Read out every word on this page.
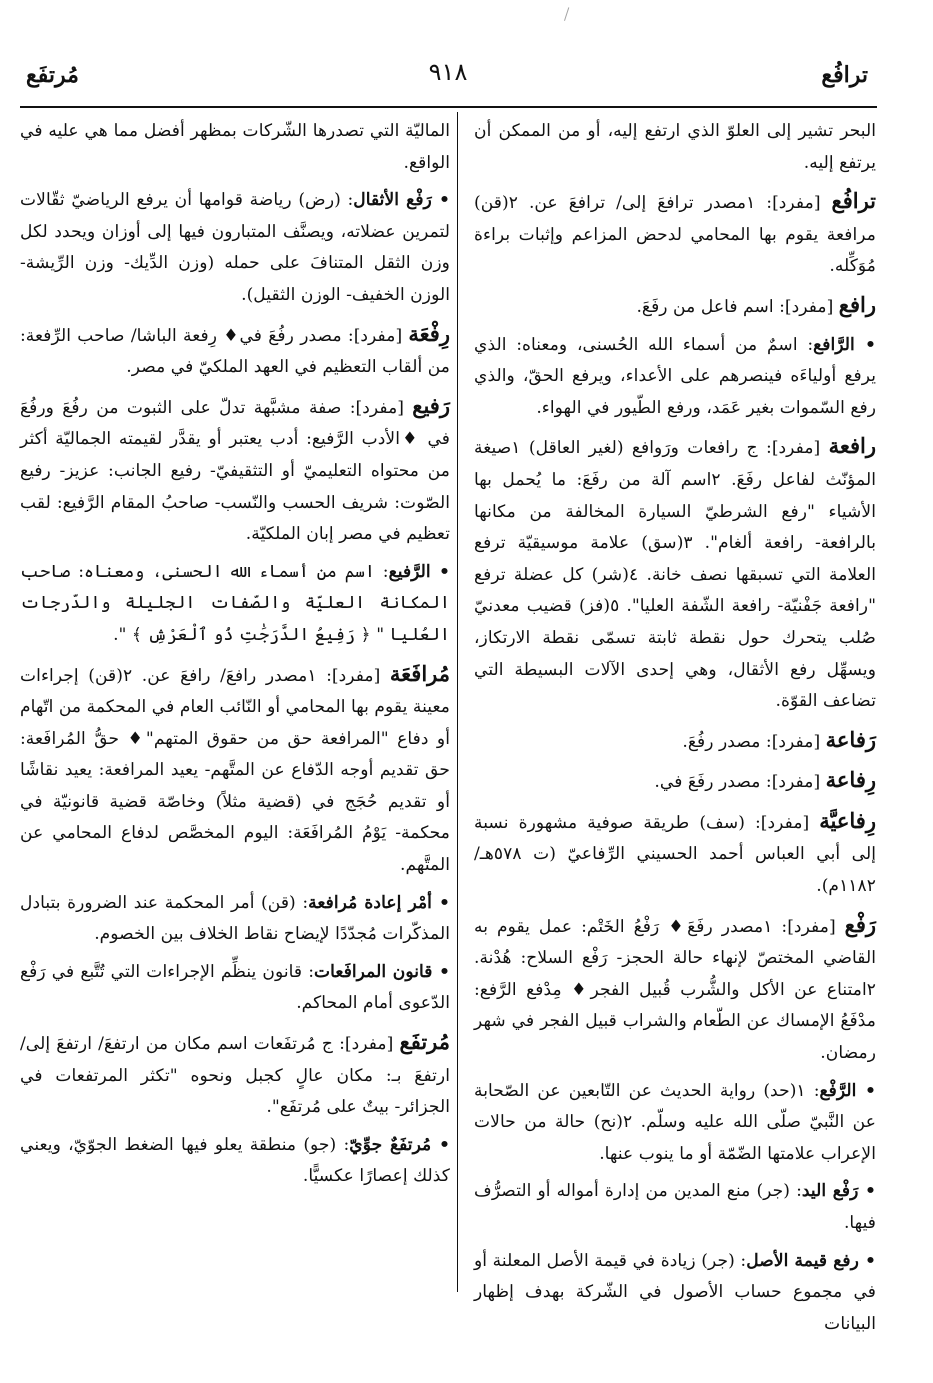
ترافُع
٩١٨
مُرتفَع

البحر تشير إلى العلوّ الذي ارتفع إليه، أو من الممكن أن يرتفع إليه.

ترافُع [مفرد]: ١مصدر ترافعَ إلى/ ترافعَ عن. ٢(قن) مرافعة يقوم بها المحامي لدحض المزاعم وإثبات براءة مُوَكِّله.

رافع [مفرد]: اسم فاعل من رفَعَ.

• الرَّافع: اسمٌ من أسماء الله الحُسنى، ومعناه: الذي يرفع أولياءَه فينصرهم على الأعداء، ويرفع الحقّ، والذي رفع السّموات بغير عَمَد، ورفع الطّيور في الهواء.

رافعة [مفرد]: ج رافعات ورَوافع (لغير العاقل) ١صيغة المؤنّث لفاعل رفَعَ. ٢اسم آلة من رفَعَ: ما يُحمل بها الأشياء "رفع الشرطيّ السيارة المخالفة من مكانها بالرافعة- رافعة ألغام". ٣(سق) علامة موسيقيّة ترفع العلامة التي تسبقها نصف خانة. ٤(شر) كل عضلة ترفع "رافعة جَفْنيّة- رافعة الشّفة العليا". ٥(فز) قضيب معدنيّ صُلب يتحرك حول نقطة ثابتة تسمّى نقطة الارتكاز، ويسهِّل رفع الأثقال، وهي إحدى الآلات البسيطة التي تضاعف القوّة.

رَفاعة [مفرد]: مصدر رفُعَ.

رِفاعة [مفرد]: مصدر رفَعَ في.

رِفاعيَّة [مفرد]: (سف) طريقة صوفية مشهورة نسبة إلى أبي العباس أحمد الحسيني الرِّفاعيّ (ت ٥٧٨هـ/ ١١٨٢م).

رَفْع [مفرد]: ١مصدر رفَعَ♦ رَفْعُ الخَتْم: عمل يقوم به القاضي المختصّ لإنهاء حالة الحجز- رَفْع السلاح: هُدْنة. ٢امتناع عن الأكل والشُّرب قُبيل الفجر♦ مِدْفع الرَّفع: مدْفَعُ الإمساك عن الطّعام والشراب قبيل الفجر في شهر رمضان.

• الرَّفْع: ١(حد) رواية الحديث عن التّابعين عن الصّحابة عن النَّبيّ صلّى الله عليه وسلّم. ٢(نح) حالة من حالات الإعراب علامتها الضّمّة أو ما ينوب عنها.

• رَفْع اليد: (جر) منع المدين من إدارة أمواله أو التصرُّف فيها.

• رفع قيمة الأصل: (جر) زيادة في قيمة الأصل المعلنة أو في مجموع حساب الأصول في الشّركة بهدف إظهار البيانات

الماليّة التي تصدرها الشّركات بمظهر أفضل مما هي عليه في الواقع.

• رَفْع الأثقال: (رض) رياضة قوامها أن يرفع الرياضيّ ثقّالات لتمرين عضلاته، ويصنَّف المتبارون فيها إلى أوزان ويحدد لكل وزن الثقل المتنافَ على حمله (وزن الدِّيك- وزن الرِّيشة- الوزن الخفيف- الوزن الثقيل).

رِفْعَة [مفرد]: مصدر رفُعَ في♦ رِفعة الباشا/ صاحب الرِّفعة: من ألقاب التعظيم في العهد الملكيّ في مصر.

رَفيع [مفرد]: صفة مشبَّهة تدلّ على الثبوت من رفُعَ ورفُعَ في ♦الأدب الرَّفيع: أدب يعتبر أو يقدَّر لقيمته الجماليّة أكثر من محتواه التعليميّ أو التثقيفيّ- رفيع الجانب: عزيز- رفيع الصّوت: شريف الحسب والنّسب- صاحبُ المقام الرَّفيع: لقب تعظيم في مصر إبان الملكيّة.

• الرَّفيع: اسم من أسماء الله الحسنى، ومعناه: صاحب المكانة العليّة والصّفات الجليلة والدّرجات العُليا " ﴿ رَفِيعُ الدَّرَجَٰتِ ذُو ٱلْعَرْشِ ﴾ ".

مُرافَعَة [مفرد]: ١مصدر رافعَ/ رافعَ عن. ٢(قن) إجراءات معينة يقوم بها المحامي أو النّائب العام في المحكمة من اتّهام أو دفاع "المرافعة حق من حقوق المتهم"♦ حقُّ المُرافَعة: حق تقديم أوجه الدّفاع عن المتَّهم- يعيد المرافعة: يعيد نقاشًا أو تقديم حُجَج في (قضية مثلاً) وخاصّة قضية قانونيّة في محكمة- يَوْمُ المُرافَعَة: اليوم المخصَّص لدفاع المحامي عن المتَّهم.

• أمْر إعادة مُرافعة: (قن) أمر المحكمة عند الضرورة بتبادل المذكّرات مُجدّدًا لإيضاح نقاط الخلاف بين الخصوم.

• قانون المرافَعات: قانون ينظِّم الإجراءات التي تُتَّبع في رَفْع الدّعوى أمام المحاكم.

مُرتفَع [مفرد]: ج مُرتفَعات اسم مكان من ارتفعَ/ ارتفعَ إلى/ ارتفعَ بـ: مكان عالٍ كجبل ونحوه "تكثر المرتفعات في الجزائر- بيتٌ على مُرتفَع".

• مُرتفَعٌ جوِّيّ: (جو) منطقة يعلو فيها الضغط الجوّيّ، ويعني كذلك إعصارًا عكسيًّا.
